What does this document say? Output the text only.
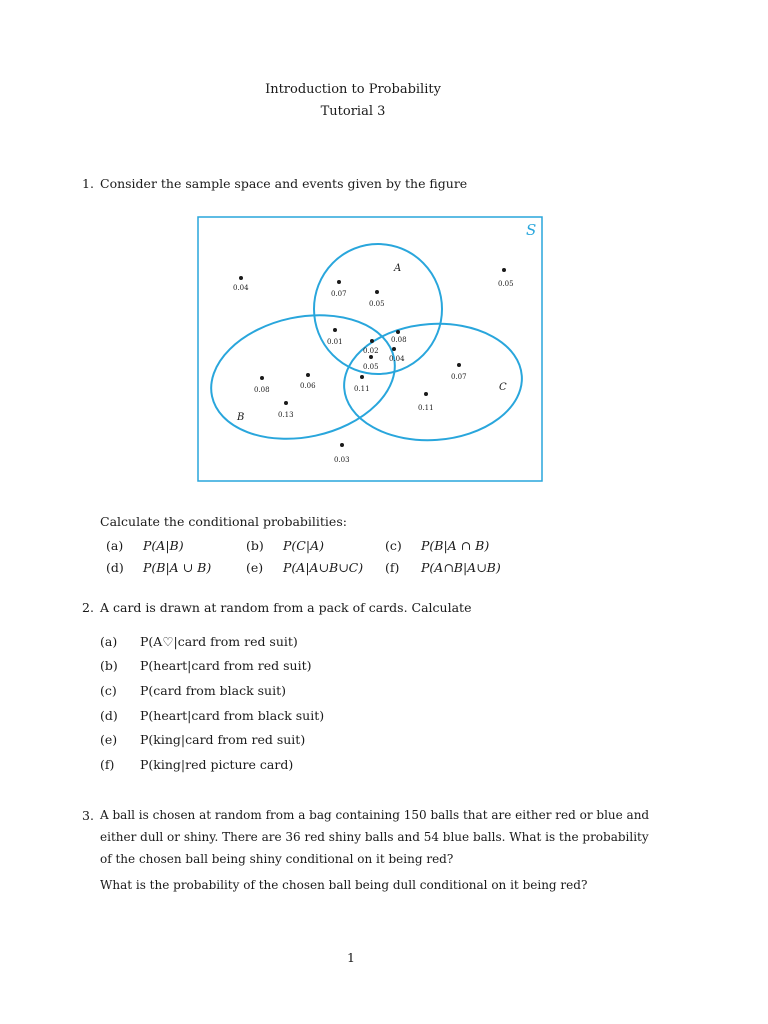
Introduction to Probability
Tutorial 3
1. Consider the sample space and events given by the figure
S
A
B
C
0.04
0.07
0.05
0.05
0.01	0.08
0.02
0.04
0.05
0.07
0.08	0.06	0.11
0.13
0.11
0.03
Calculate the conditional probabilities:
(a) P(A|B)	(b) P(C|A)	(c) P(B|A ∩ B)
(d) P(B|A ∪ B)	(e) P(A|A∪B∪C) (f) P(A∩B|A∪B)
2. A card is drawn at random from a pack of cards. Calculate
(a) P(A♡|card from red suit)
(b) P(heart|card from red suit)
(c) P(card from black suit)
(d) P(heart|card from black suit)
(e) P(king|card from red suit)
(f) P(king|red picture card)
3. A ball is chosen at random from a bag containing 150 balls that are either red or blue and
either dull or shiny. There are 36 red shiny balls and 54 blue balls. What is the probability
of the chosen ball being shiny conditional on it being red?
What is the probability of the chosen ball being dull conditional on it being red?
1
